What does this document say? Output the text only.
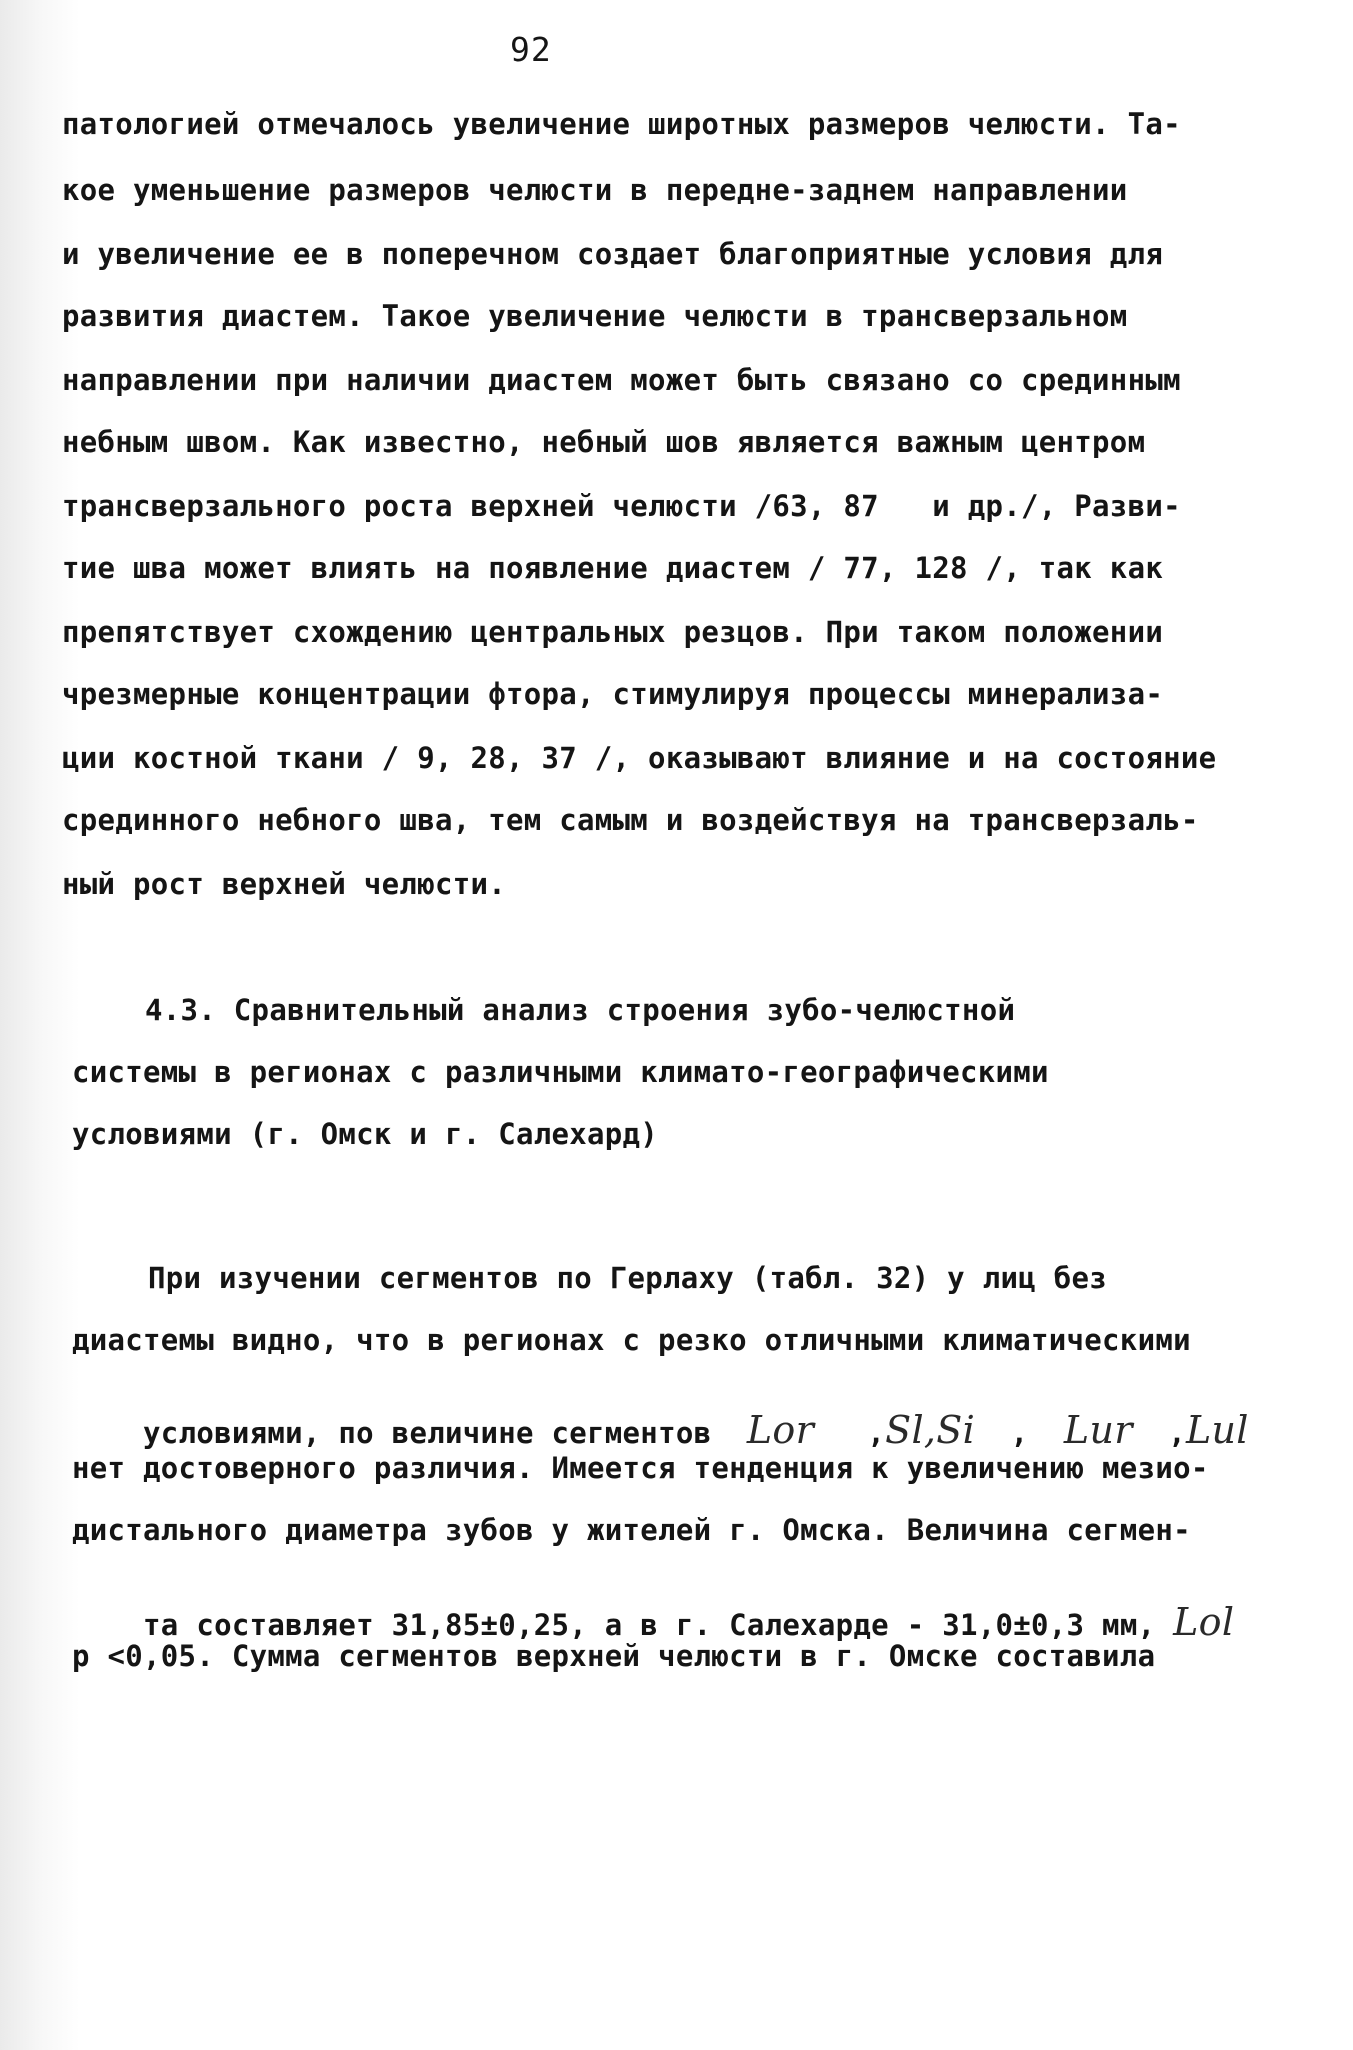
92
патологией отмечалось увеличение широтных размеров челюсти. Та-
кое уменьшение размеров челюсти в передне-заднем направлении
и увеличение ее в поперечном создает благоприятные условия для
развития диастем. Такое увеличение челюсти в трансверзальном
направлении при наличии диастем может быть связано со срединным
небным швом. Как известно, небный шов является важным центром
трансверзального роста верхней челюсти /63, 87   и др./, Разви-
тие шва может влиять на появление диастем / 77, 128 /, так как
препятствует схождению центральных резцов. При таком положении
чрезмерные концентрации фтора, стимулируя процессы минерализа-
ции костной ткани / 9, 28, 37 /, оказывают влияние и на состояние
срединного небного шва, тем самым и воздействуя на трансверзаль-
ный рост верхней челюсти.
4.3. Сравнительный анализ строения зубо-челюстной
системы в регионах с различными климато-географическими
условиями (г. Омск и г. Салехард)
При изучении сегментов по Герлаху (табл. 32) у лиц без
диастемы видно, что в регионах с резко отличными климатическими

условиями, по величине сегментов Lor ,Sl,Si , Lur ,Lul

нет достоверного различия. Имеется тенденция к увеличению мезио-
дистального диаметра зубов у жителей г. Омска. Величина сегмен-

та составляет 31,85±0,25, а в г. Салехарде - 31,0±0,3 мм, Lol

р <0,05. Сумма сегментов верхней челюсти в г. Омске составила
